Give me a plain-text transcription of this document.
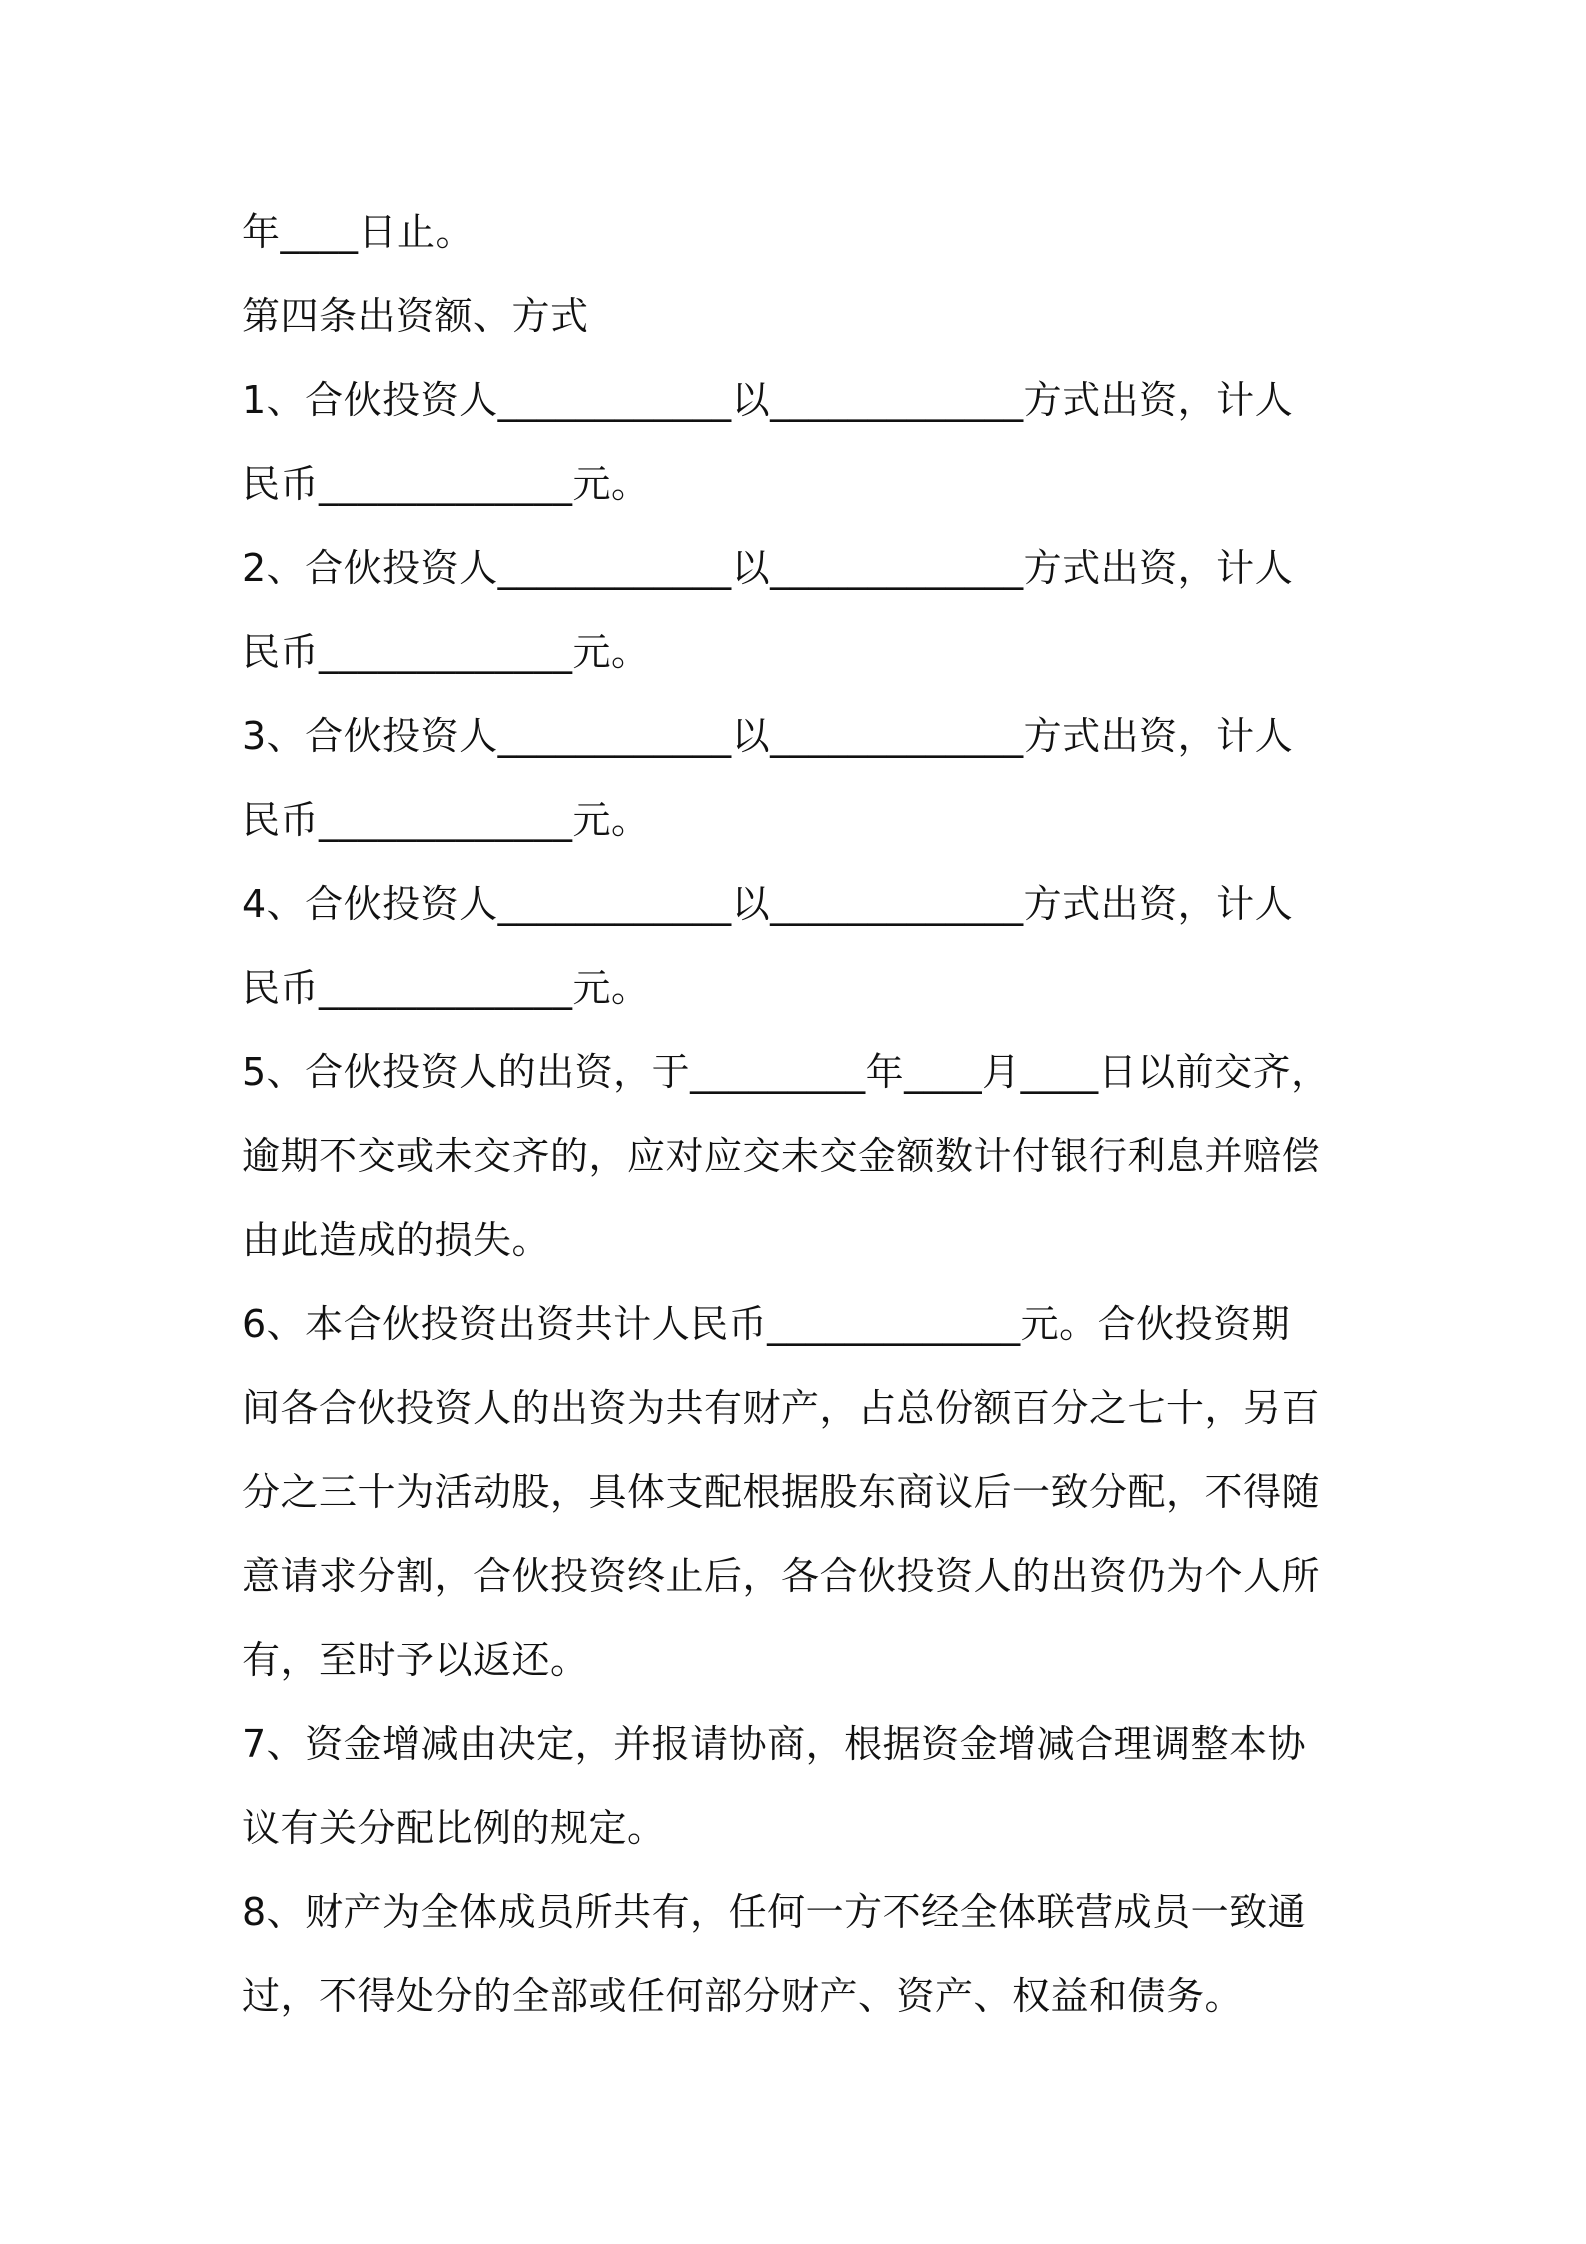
年____日止。
第四条出资额、方式
1、合伙投资人____________以_____________方式出资，计人
民币_____________元。
2、合伙投资人____________以_____________方式出资，计人
民币_____________元。
3、合伙投资人____________以_____________方式出资，计人
民币_____________元。
4、合伙投资人____________以_____________方式出资，计人
民币_____________元。
5、合伙投资人的出资，于_________年____月____日以前交齐，
逾期不交或未交齐的，应对应交未交金额数计付银行利息并赔偿
由此造成的损失。
6、本合伙投资出资共计人民币_____________元。合伙投资期
间各合伙投资人的出资为共有财产，占总份额百分之七十，另百
分之三十为活动股，具体支配根据股东商议后一致分配，不得随
意请求分割，合伙投资终止后，各合伙投资人的出资仍为个人所
有，至时予以返还。
7、资金增减由决定，并报请协商，根据资金增减合理调整本协
议有关分配比例的规定。
8、财产为全体成员所共有，任何一方不经全体联营成员一致通
过，不得处分的全部或任何部分财产、资产、权益和债务。
